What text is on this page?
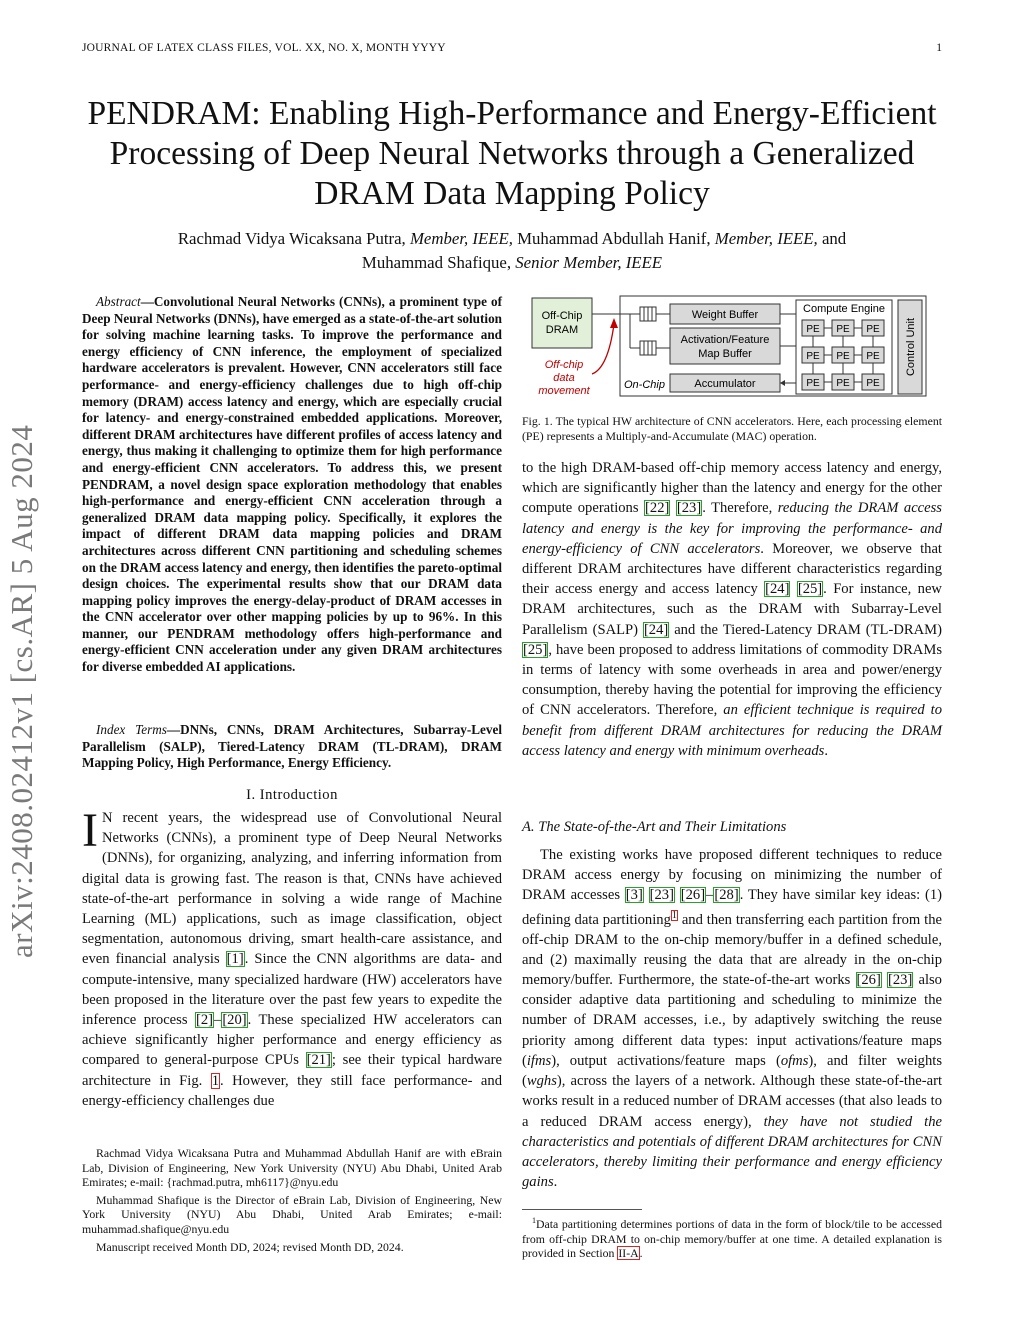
JOURNAL OF LATEX CLASS FILES, VOL. XX, NO. X, MONTH YYYY	1
arXiv:2408.02412v1 [cs.AR] 5 Aug 2024
PENDRAM: Enabling High-Performance and Energy-Efficient Processing of Deep Neural Networks through a Generalized DRAM Data Mapping Policy
Rachmad Vidya Wicaksana Putra, Member, IEEE, Muhammad Abdullah Hanif, Member, IEEE, and
Muhammad Shafique, Senior Member, IEEE
Abstract—Convolutional Neural Networks (CNNs), a prominent type of Deep Neural Networks (DNNs), have emerged as a state-of-the-art solution for solving machine learning tasks. To improve the performance and energy efficiency of CNN inference, the employment of specialized hardware accelerators is prevalent. However, CNN accelerators still face performance- and energy-efficiency challenges due to high off-chip memory (DRAM) access latency and energy, which are especially crucial for latency- and energy-constrained embedded applications. Moreover, different DRAM architectures have different profiles of access latency and energy, thus making it challenging to optimize them for high performance and energy-efficient CNN accelerators. To address this, we present PENDRAM, a novel design space exploration methodology that enables high-performance and energy-efficient CNN acceleration through a generalized DRAM data mapping policy. Specifically, it explores the impact of different DRAM data mapping policies and DRAM architectures across different CNN partitioning and scheduling schemes on the DRAM access latency and energy, then identifies the pareto-optimal design choices. The experimental results show that our DRAM data mapping policy improves the energy-delay-product of DRAM accesses in the CNN accelerator over other mapping policies by up to 96%. In this manner, our PENDRAM methodology offers high-performance and energy-efficient CNN acceleration under any given DRAM architectures for diverse embedded AI applications.
Index Terms—DNNs, CNNs, DRAM Architectures, Subarray-Level Parallelism (SALP), Tiered-Latency DRAM (TL-DRAM), DRAM Mapping Policy, High Performance, Energy Efficiency.
I. Introduction

I N recent years, the widespread use of Convolutional Neural Networks (CNNs), a prominent type of Deep Neural Networks (DNNs), for organizing, analyzing, and inferring information from digital data is growing fast. The reason is that, CNNs have achieved state-of-the-art performance in solving a wide range of Machine Learning (ML) applications, such as image classification, object segmentation, autonomous driving, smart health-care assistance, and even financial analysis [1]. Since the CNN algorithms are data- and compute-intensive, many specialized hardware (HW) accelerators have been proposed in the literature over the past few years to expedite the inference process [2]–[20]. These specialized HW accelerators can achieve significantly higher performance and energy efficiency as compared to general-purpose CPUs [21]; see their typical hardware architecture in Fig. 1. However, they still face performance- and energy-efficiency challenges due

Rachmad Vidya Wicaksana Putra and Muhammad Abdullah Hanif are with eBrain Lab, Division of Engineering, New York University (NYU) Abu Dhabi, United Arab Emirates; e-mail: {rachmad.putra, mh6117}@nyu.edu

Muhammad Shafique is the Director of eBrain Lab, Division of Engineering, New York University (NYU) Abu Dhabi, United Arab Emirates; e-mail: muhammad.shafique@nyu.edu

Manuscript received Month DD, 2024; revised Month DD, 2024.

Off-Chip
DRAM
Off-chip
data
movement	On-Chip
Weight Buffer
Activation/Feature
Map Buffer
Accumulator
Compute Engine
PE PE PE
PE PE PE
PE PE PE
Control Unit
Fig. 1. The typical HW architecture of CNN accelerators. Here, each processing element (PE) represents a Multiply-and-Accumulate (MAC) operation.

to the high DRAM-based off-chip memory access latency and energy, which are significantly higher than the latency and energy for the other compute operations [22] [23]. Therefore, reducing the DRAM access latency and energy is the key for improving the performance- and energy-efficiency of CNN accelerators. Moreover, we observe that different DRAM architectures have different characteristics regarding their access energy and access latency [24] [25]. For instance, new DRAM architectures, such as the DRAM with Subarray-Level Parallelism (SALP) [24] and the Tiered-Latency DRAM (TL-DRAM) [25], have been proposed to address limitations of commodity DRAMs in terms of latency with some overheads in area and power/energy consumption, thereby having the potential for improving the efficiency of CNN accelerators. Therefore, an efficient technique is required to benefit from different DRAM architectures for reducing the DRAM access latency and energy with minimum overheads.

A. The State-of-the-Art and Their Limitations

The existing works have proposed different techniques to reduce DRAM access energy by focusing on minimizing the number of DRAM accesses [3] [23] [26]–[28]. They have similar key ideas: (1) defining data partitioning$^1$ and then transferring each partition from the off-chip DRAM to the on-chip memory/buffer in a defined schedule, and (2) maximally reusing the data that are already in the on-chip memory/buffer. Furthermore, the state-of-the-art works [26] [23] also consider adaptive data partitioning and scheduling to minimize the number of DRAM accesses, i.e., by adaptively switching the reuse priority among different data types: input activations/feature maps (ifms), output activations/feature maps (ofms), and filter weights (wghs), across the layers of a network. Although these state-of-the-art works result in a reduced number of DRAM accesses (that also leads to a reduced DRAM access energy), they have not studied the characteristics and potentials of different DRAM architectures for CNN accelerators, thereby limiting their performance and energy efficiency gains.

$^1$Data partitioning determines portions of data in the form of block/tile to be accessed from off-chip DRAM to on-chip memory/buffer at one time. A detailed explanation is provided in Section II-A.
